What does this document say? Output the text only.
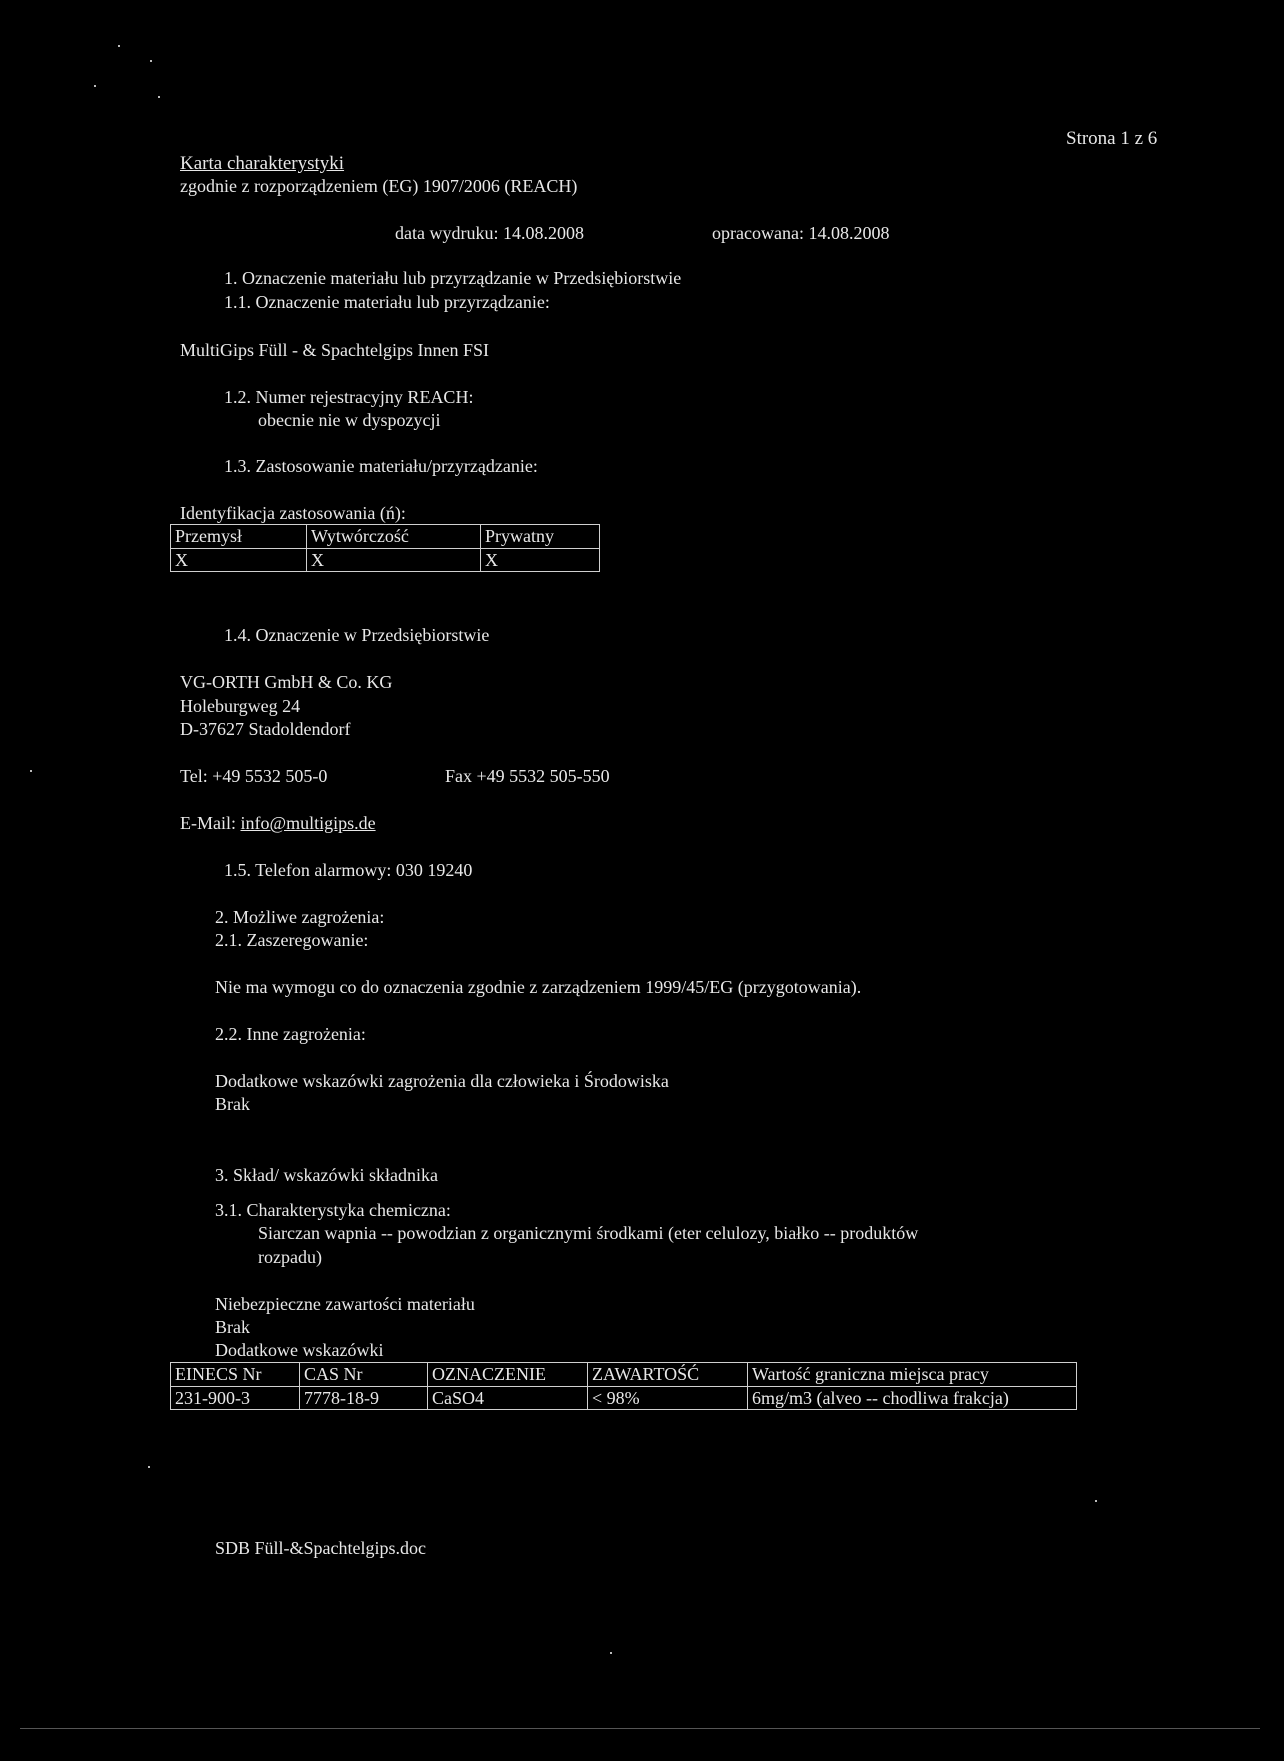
Strona 1 z 6
Karta charakterystyki
zgodnie z rozporządzeniem (EG) 1907/2006 (REACH)
data wydruku: 14.08.2008	opracowana: 14.08.2008
1. Oznaczenie materiału lub przyrządzanie w Przedsiębiorstwie
1.1. Oznaczenie materiału lub przyrządzanie:
MultiGips Füll - & Spachtelgips Innen FSI
1.2. Numer rejestracyjny REACH:
obecnie nie w dyspozycji
1.3. Zastosowanie materiału/przyrządzanie:
Identyfikacja zastosowania (ń):
Przemysł	Wytwórczość	Prywatny
X	X	X
1.4. Oznaczenie w Przedsiębiorstwie
VG-ORTH GmbH & Co. KG
Holeburgweg 24
D-37627 Stadoldendorf
Tel: +49 5532 505-0	Fax +49 5532 505-550
E-Mail: info@multigips.de
1.5. Telefon alarmowy: 030 19240
2. Możliwe zagrożenia:
2.1. Zaszeregowanie:
Nie ma wymogu co do oznaczenia zgodnie z zarządzeniem 1999/45/EG (przygotowania).
2.2. Inne zagrożenia:
Dodatkowe wskazówki zagrożenia dla człowieka i Środowiska
Brak
3. Skład/ wskazówki składnika
3.1. Charakterystyka chemiczna:
Siarczan wapnia -- powodzian z organicznymi środkami (eter celulozy, białko -- produktów
rozpadu)
Niebezpieczne zawartości materiału
Brak
Dodatkowe wskazówki
EINECS Nr	CAS Nr	OZNACZENIE	ZAWARTOŚĆ	Wartość graniczna miejsca pracy
231-900-3	7778-18-9	CaSO4	< 98%	6mg/m3 (alveo -- chodliwa frakcja)
SDB Füll-&Spachtelgips.doc
